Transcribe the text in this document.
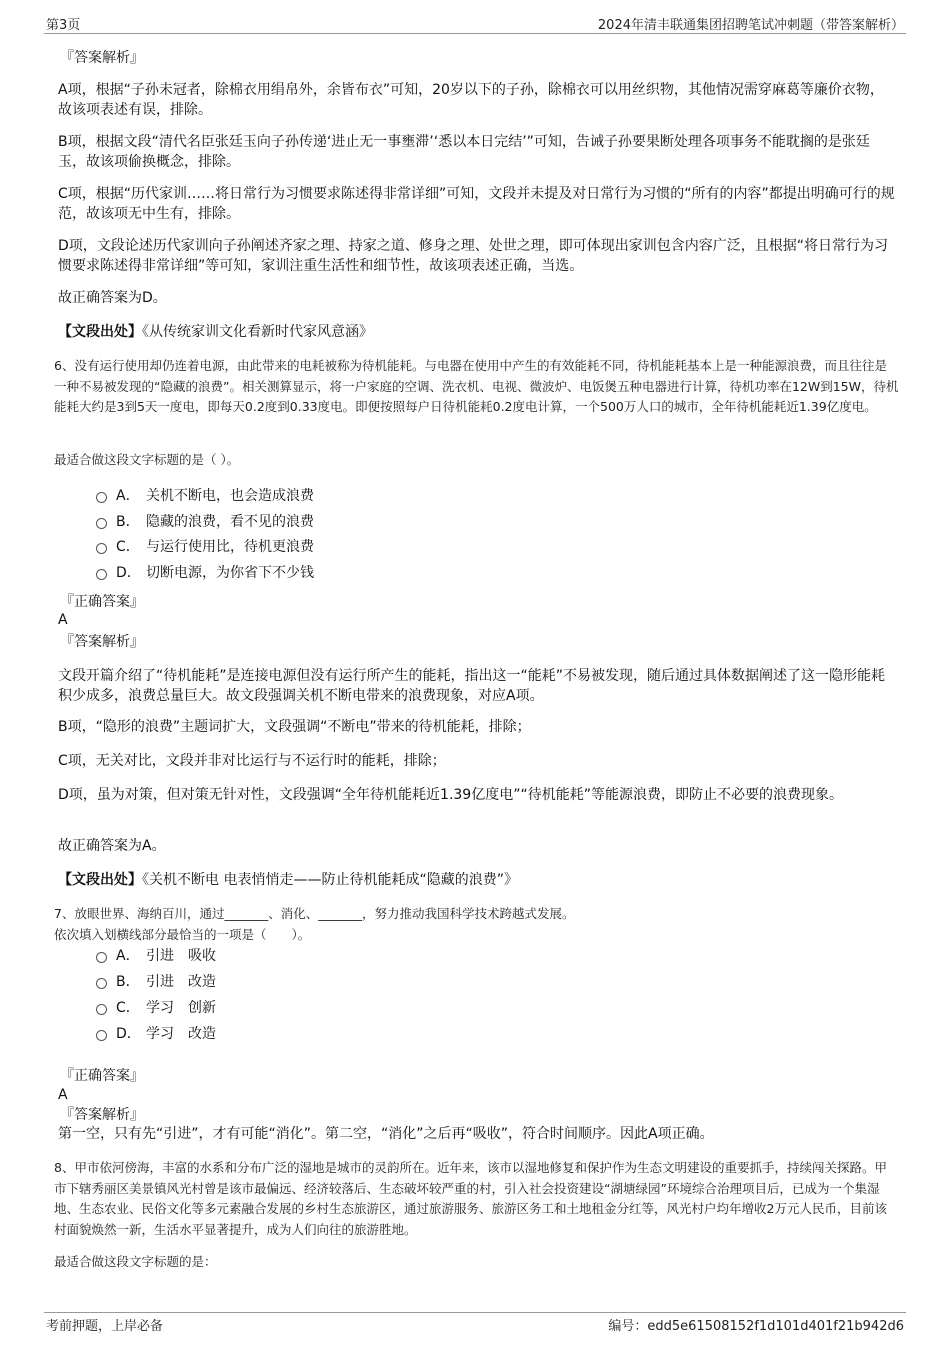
第3页	2024年清丰联通集团招聘笔试冲刺题（带答案解析）
『答案解析』
A项，根据“子孙未冠者，除棉衣用绢帛外，余皆布衣”可知，20岁以下的子孙，除棉衣可以用丝织物，其他情况需穿麻葛等廉价衣物，故该项表述有误，排除。
B项，根据文段“清代名臣张廷玉向子孙传递‘进止无一事壅滞’‘悉以本日完结’”可知，告诫子孙要果断处理各项事务不能耽搁的是张廷玉，故该项偷换概念，排除。
C项，根据“历代家训……将日常行为习惯要求陈述得非常详细”可知，文段并未提及对日常行为习惯的“所有的内容”都提出明确可行的规范，故该项无中生有，排除。
D项，文段论述历代家训向子孙阐述齐家之理、持家之道、修身之理、处世之理，即可体现出家训包含内容广泛，且根据“将日常行为习惯要求陈述得非常详细”等可知，家训注重生活性和细节性，故该项表述正确，当选。
故正确答案为D。
【文段出处】《从传统家训文化看新时代家风意涵》
6、没有运行使用却仍连着电源，由此带来的电耗被称为待机能耗。与电器在使用中产生的有效能耗不同，待机能耗基本上是一种能源浪费，而且往往是一种不易被发现的“隐藏的浪费”。相关测算显示，将一户家庭的空调、洗衣机、电视、微波炉、电饭煲五种电器进行计算，待机功率在12W到15W，待机能耗大约是3到5天一度电，即每天0.2度到0.33度电。即便按照每户日待机能耗0.2度电计算，一个500万人口的城市，全年待机能耗近1.39亿度电。
最适合做这段文字标题的是（ ）。
A． 关机不断电，也会造成浪费
B． 隐藏的浪费，看不见的浪费
C． 与运行使用比，待机更浪费
D． 切断电源，为你省下不少钱
『正确答案』
A
『答案解析』
文段开篇介绍了“待机能耗”是连接电源但没有运行所产生的能耗，指出这一“能耗”不易被发现，随后通过具体数据阐述了这一隐形能耗积少成多，浪费总量巨大。故文段强调关机不断电带来的浪费现象，对应A项。
B项，“隐形的浪费”主题词扩大，文段强调“不断电”带来的待机能耗，排除；
C项，无关对比，文段并非对比运行与不运行时的能耗，排除；
D项，虽为对策，但对策无针对性，文段强调“全年待机能耗近1.39亿度电”“待机能耗”等能源浪费，即防止不必要的浪费现象。
故正确答案为A。
【文段出处】《关机不断电 电表悄悄走——防止待机能耗成“隐藏的浪费”》
7、放眼世界、海纳百川，通过_______、消化、_______，努力推动我国科学技术跨越式发展。
依次填入划横线部分最恰当的一项是（　　）。
A． 引进　吸收
B． 引进　改造
C． 学习　创新
D． 学习　改造
『正确答案』
A
『答案解析』
第一空，只有先“引进”，才有可能“消化”。第二空，“消化”之后再“吸收”，符合时间顺序。因此A项正确。
8、甲市依河傍海，丰富的水系和分布广泛的湿地是城市的灵韵所在。近年来，该市以湿地修复和保护作为生态文明建设的重要抓手，持续闯关探路。甲市下辖秀丽区美景镇风光村曾是该市最偏远、经济较落后、生态破坏较严重的村，引入社会投资建设“湖塘绿园”环境综合治理项目后，已成为一个集湿地、生态农业、民俗文化等多元素融合发展的乡村生态旅游区，通过旅游服务、旅游区务工和土地租金分红等，风光村户均年增收2万元人民币，目前该村面貌焕然一新，生活水平显著提升，成为人们向往的旅游胜地。
最适合做这段文字标题的是：
考前押题，上岸必备	编号：edd5e61508152f1d101d401f21b942d6
